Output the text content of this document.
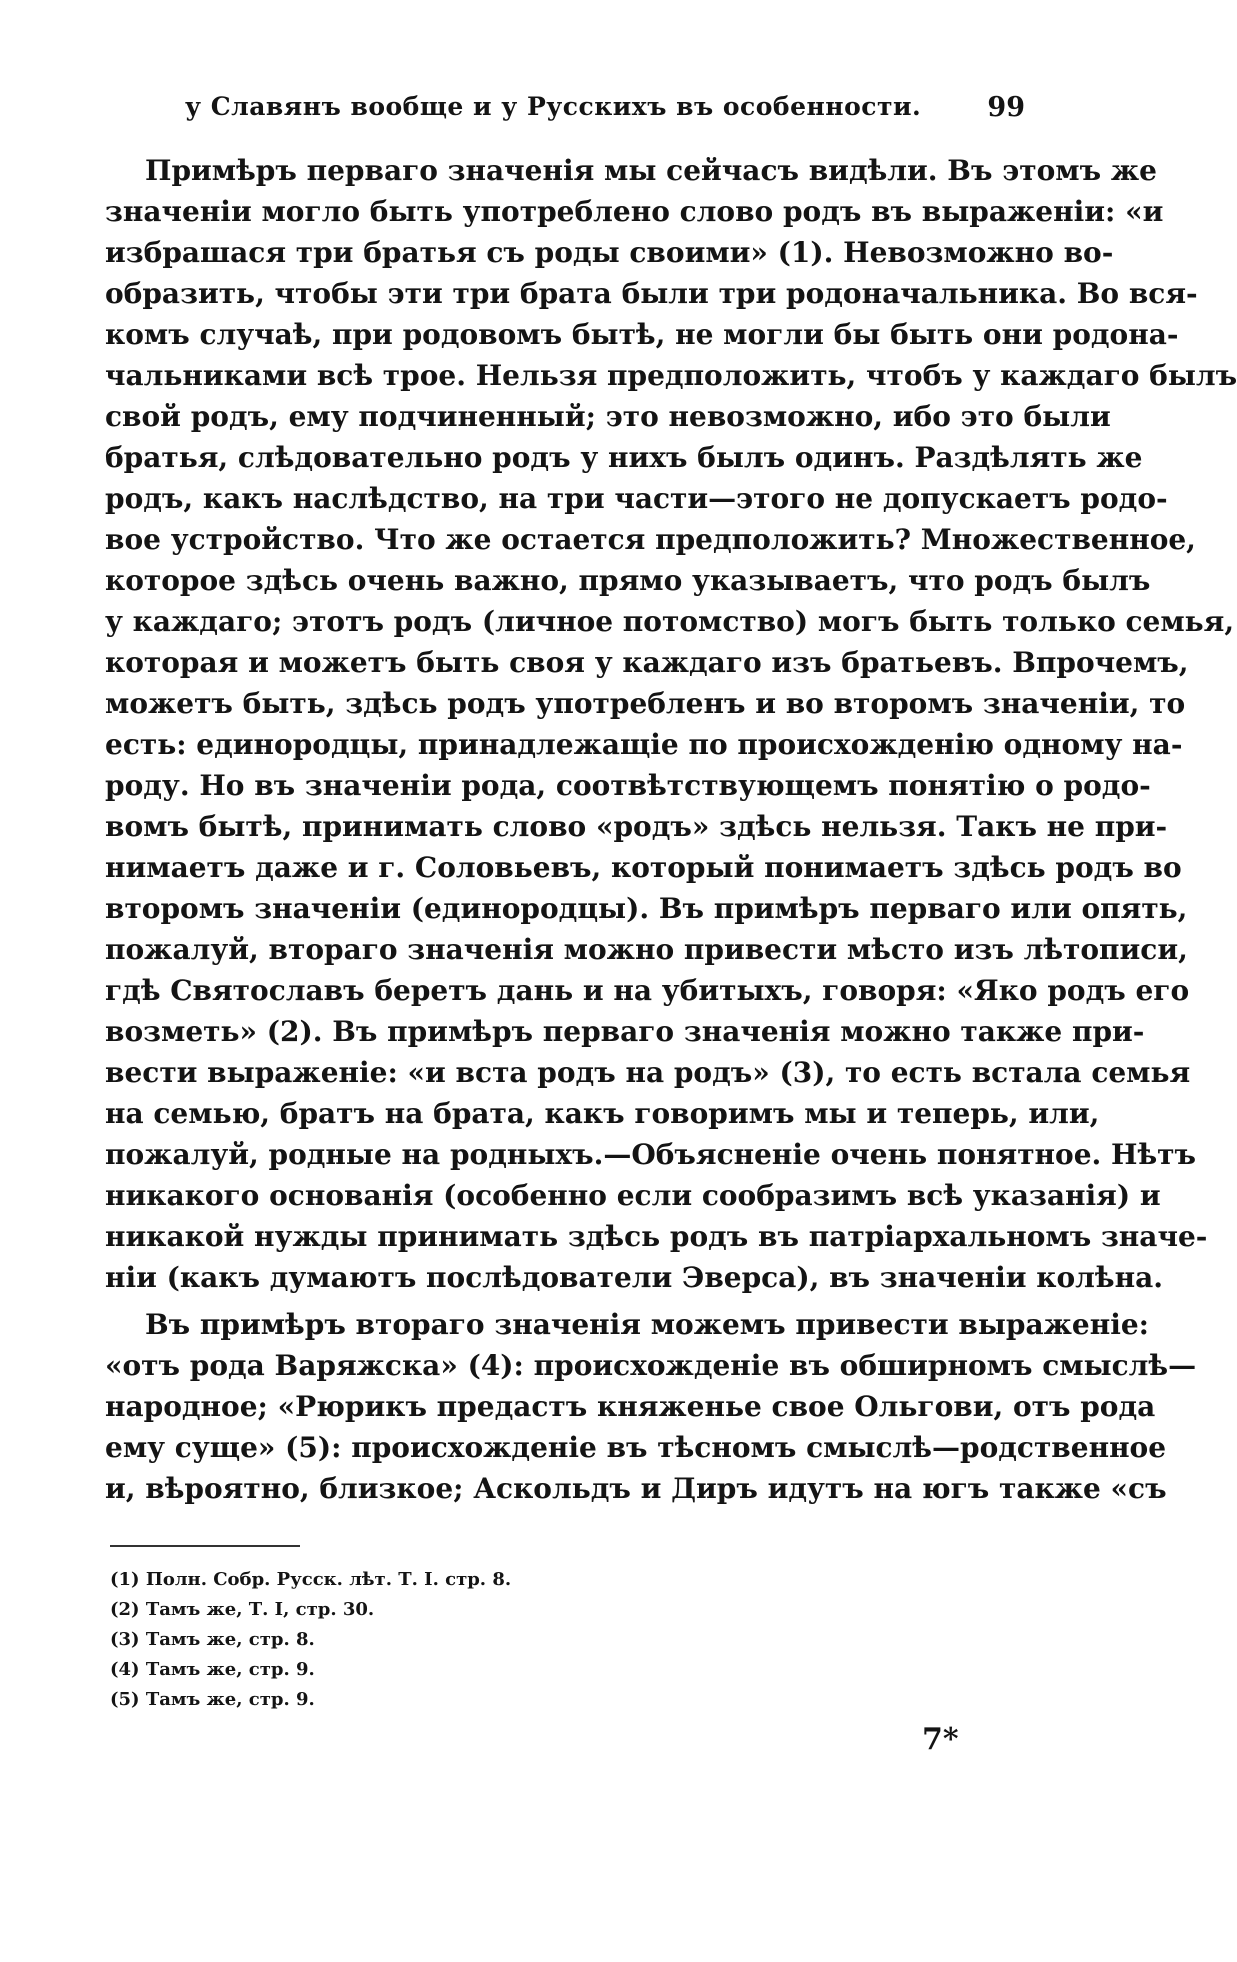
у Славянъ вообще и у Русскихъ въ особенности. 99
Примѣръ перваго значенія мы сейчасъ видѣли. Въ этомъ же
значеніи могло быть употреблено слово родъ въ выраженіи: «и
избрашася три братья съ роды своими» (1). Невозможно во-
образить, чтобы эти три брата были три родоначальника. Во вся-
комъ случаѣ, при родовомъ бытѣ, не могли бы быть они родона-
чальниками всѣ трое. Нельзя предположить, чтобъ у каждаго былъ
свой родъ, ему подчиненный; это невозможно, ибо это были
братья, слѣдовательно родъ у нихъ былъ одинъ. Раздѣлять же
родъ, какъ наслѣдство, на три части—этого не допускаетъ родо-
вое устройство. Что же остается предположить? Множественное,
которое здѣсь очень важно, прямо указываетъ, что родъ былъ
у каждаго; этотъ родъ (личное потомство) могъ быть только семья,
которая и можетъ быть своя у каждаго изъ братьевъ. Впрочемъ,
можетъ быть, здѣсь родъ употребленъ и во второмъ значеніи, то
есть: единородцы, принадлежащіе по происхожденію одному на-
роду. Но въ значеніи рода, соотвѣтствующемъ понятію о родо-
вомъ бытѣ, принимать слово «родъ» здѣсь нельзя. Такъ не при-
нимаетъ даже и г. Соловьевъ, который понимаетъ здѣсь родъ во
второмъ значеніи (единородцы). Въ примѣръ перваго или опять,
пожалуй, втораго значенія можно привести мѣсто изъ лѣтописи,
гдѣ Святославъ беретъ дань и на убитыхъ, говоря: «Яко родъ его
возметь» (2). Въ примѣръ перваго значенія можно также при-
вести выраженіе: «и вста родъ на родъ» (3), то есть встала семья
на семью, братъ на брата, какъ говоримъ мы и теперь, или,
пожалуй, родные на родныхъ.—Объясненіе очень понятное. Нѣтъ
никакого основанія (особенно если сообразимъ всѣ указанія) и
никакой нужды принимать здѣсь родъ въ патріархальномъ значе-
ніи (какъ думаютъ послѣдователи Эверса), въ значеніи колѣна.
Въ примѣръ втораго значенія можемъ привести выраженіе:
«отъ рода Варяжска» (4): происхожденіе въ обширномъ смыслѣ—
народное; «Рюрикъ предастъ княженье свое Ольгови, отъ рода
ему суще» (5): происхожденіе въ тѣсномъ смыслѣ—родственное
и, вѣроятно, близкое; Аскольдъ и Диръ идутъ на югъ также «съ
(1) Полн. Собр. Русск. лѣт. Т. І. стр. 8.
(2) Тамъ же, Т. І, стр. 30.
(3) Тамъ же, стр. 8.
(4) Тамъ же, стр. 9.
(5) Тамъ же, стр. 9.
7*
